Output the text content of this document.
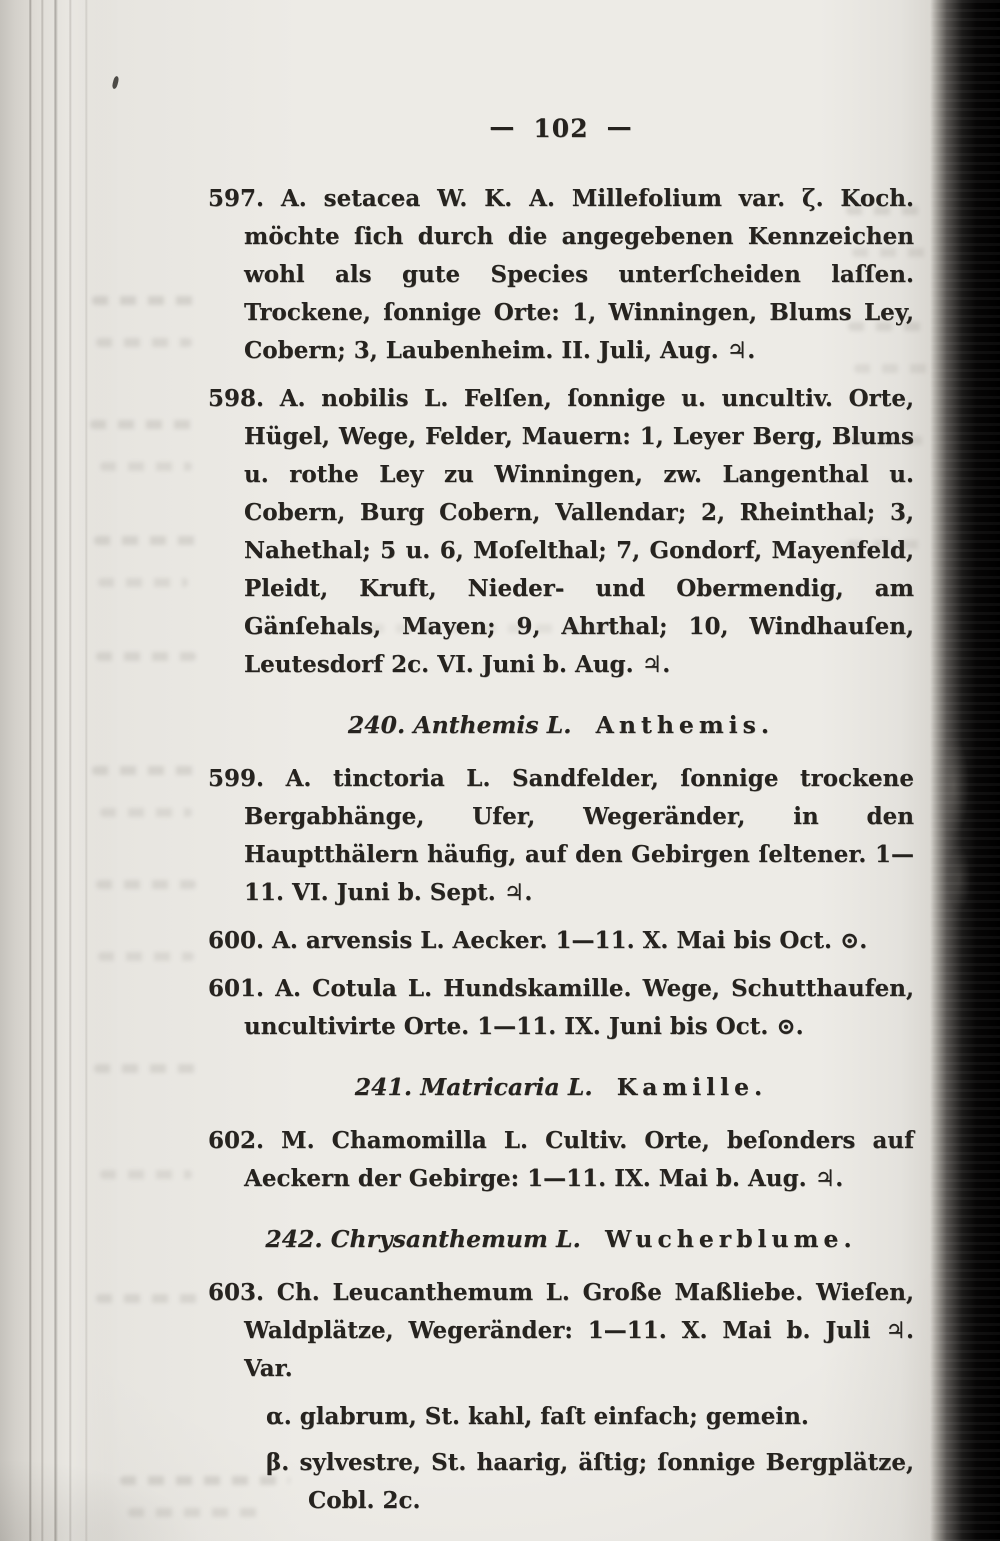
— 102 —

597. A. setacea W. K. A. Millefolium var. ζ. Koch. möchte ſich durch die angegebenen Kennzeichen wohl als gute Species unterſcheiden laſſen. Trockene, ſonnige Orte: 1, Winningen, Blums Ley, Cobern; 3, Laubenheim. II. Juli, Aug. ♃.

598. A. nobilis L. Felſen, ſonnige u. uncultiv. Orte, Hügel, Wege, Felder, Mauern: 1, Leyer Berg, Blums u. rothe Ley zu Winningen, zw. Langenthal u. Cobern, Burg Cobern, Vallendar; 2, Rheinthal; 3, Nahethal; 5 u. 6, Moſelthal; 7, Gondorf, Mayenfeld, Pleidt, Kruft, Nieder- und Obermendig, am Gänſehals, Mayen; 9, Ahrthal; 10, Windhauſen, Leutesdorf 2c. VI. Juni b. Aug. ♃.

240. Anthemis L. Anthemis.

599. A. tinctoria L. Sandfelder, ſonnige trockene Bergabhänge, Ufer, Wegeränder, in den Hauptthälern häufig, auf den Gebirgen ſeltener. 1—11. VI. Juni b. Sept. ♃.

600. A. arvensis L. Aecker. 1—11. X. Mai bis Oct. ⊙.

601. A. Cotula L. Hundskamille. Wege, Schutthaufen, uncultivirte Orte. 1—11. IX. Juni bis Oct. ⊙.

241. Matricaria L. Kamille.

602. M. Chamomilla L. Cultiv. Orte, beſonders auf Aeckern der Gebirge: 1—11. IX. Mai b. Aug. ♃.

242. Chrysanthemum L. Wucherblume.

603. Ch. Leucanthemum L. Große Maßliebe. Wieſen, Waldplätze, Wegeränder: 1—11. X. Mai b. Juli ♃. Var.

α. glabrum, St. kahl, faſt einfach; gemein.

β. sylvestre, St. haarig, äſtig; ſonnige Bergplätze, Cobl. 2c.
